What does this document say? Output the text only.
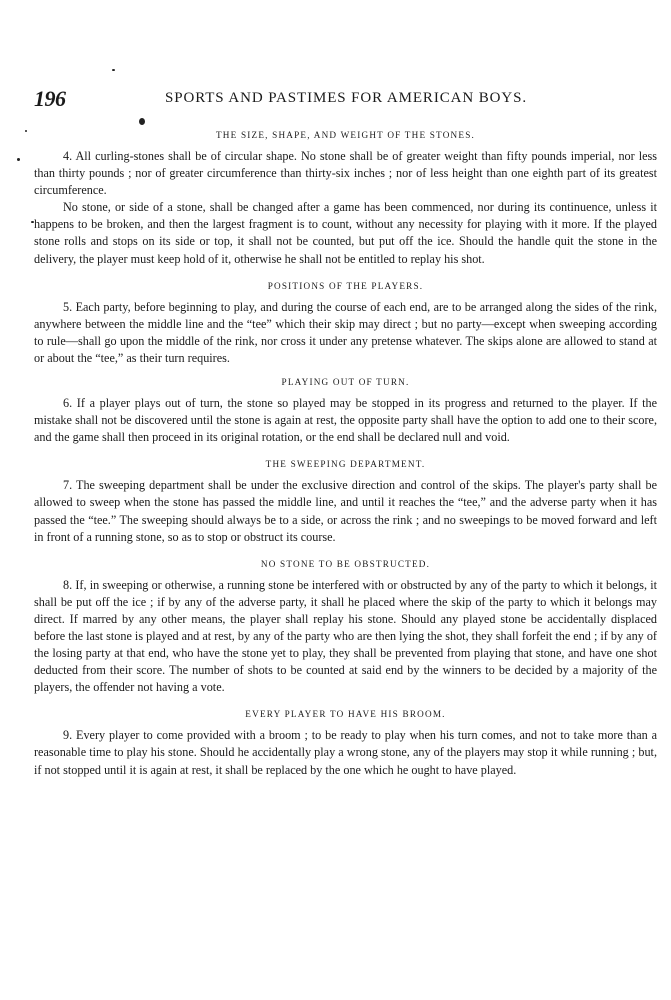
196	SPORTS AND PASTIMES FOR AMERICAN BOYS.
THE SIZE, SHAPE, AND WEIGHT OF THE STONES.

4. All curling-stones shall be of circular shape. No stone shall be of greater weight than fifty pounds imperial, nor less than thirty pounds ; nor of greater circumference than thirty-six inches ; nor of less height than one eighth part of its greatest circumference.

No stone, or side of a stone, shall be changed after a game has been commenced, nor during its continuence, unless it happens to be broken, and then the largest fragment is to count, without any necessity for playing with it more. If the played stone rolls and stops on its side or top, it shall not be counted, but put off the ice. Should the handle quit the stone in the delivery, the player must keep hold of it, otherwise he shall not be entitled to replay his shot.

POSITIONS OF THE PLAYERS.

5. Each party, before beginning to play, and during the course of each end, are to be arranged along the sides of the rink, anywhere between the middle line and the “tee” which their skip may direct ; but no party—except when sweeping according to rule—shall go upon the middle of the rink, nor cross it under any pretense whatever. The skips alone are allowed to stand at or about the “tee,” as their turn requires.

PLAYING OUT OF TURN.

6. If a player plays out of turn, the stone so played may be stopped in its progress and returned to the player. If the mistake shall not be discovered until the stone is again at rest, the opposite party shall have the option to add one to their score, and the game shall then proceed in its original rotation, or the end shall be declared null and void.

THE SWEEPING DEPARTMENT.

7. The sweeping department shall be under the exclusive direction and control of the skips. The player's party shall be allowed to sweep when the stone has passed the middle line, and until it reaches the “tee,” and the adverse party when it has passed the “tee.” The sweeping should always be to a side, or across the rink ; and no sweepings to be moved forward and left in front of a running stone, so as to stop or obstruct its course.

NO STONE TO BE OBSTRUCTED.

8. If, in sweeping or otherwise, a running stone be interfered with or obstructed by any of the party to which it belongs, it shall be put off the ice ; if by any of the adverse party, it shall he placed where the skip of the party to which it belongs may direct. If marred by any other means, the player shall replay his stone. Should any played stone be accidentally displaced before the last stone is played and at rest, by any of the party who are then lying the shot, they shall forfeit the end ; if by any of the losing party at that end, who have the stone yet to play, they shall be prevented from playing that stone, and have one shot deducted from their score. The number of shots to be counted at said end by the winners to be decided by a majority of the players, the offender not having a vote.

EVERY PLAYER TO HAVE HIS BROOM.

9. Every player to come provided with a broom ; to be ready to play when his turn comes, and not to take more than a reasonable time to play his stone. Should he accidentally play a wrong stone, any of the players may stop it while running ; but, if not stopped until it is again at rest, it shall be replaced by the one which he ought to have played.
